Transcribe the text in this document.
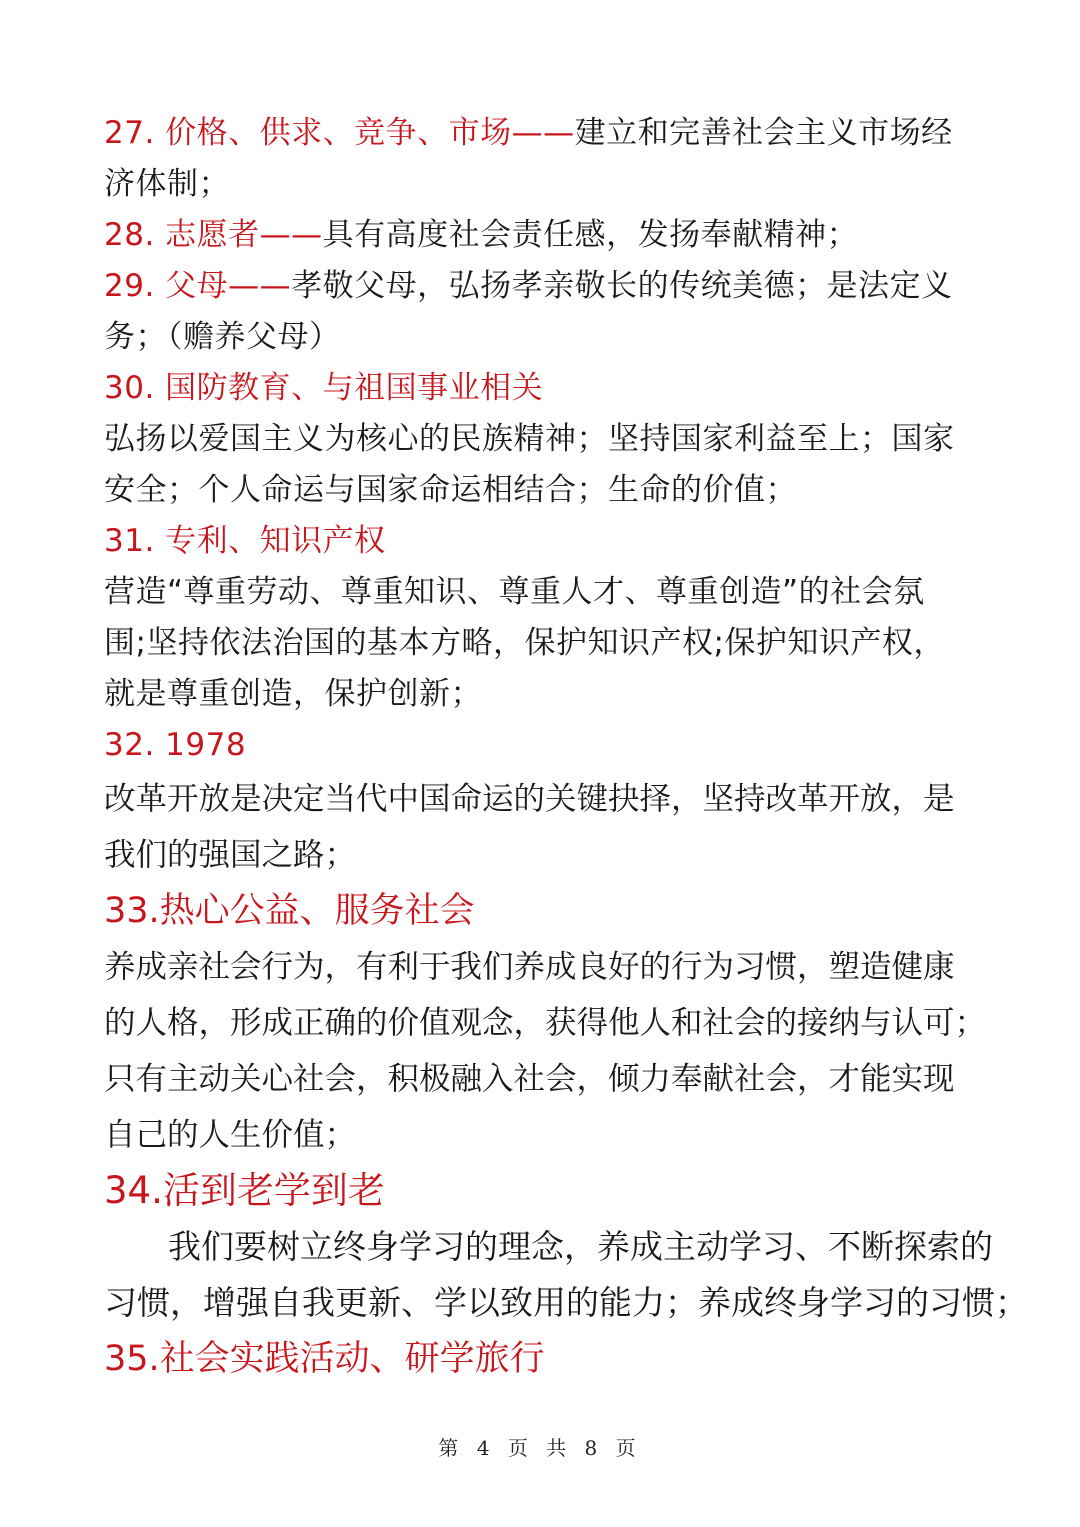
27. 价格、供求、竞争、市场——建立和完善社会主义市场经

济体制；

28. 志愿者——具有高度社会责任感，发扬奉献精神；

29. 父母——孝敬父母，弘扬孝亲敬长的传统美德；是法定义

务；（赡养父母）

30. 国防教育、与祖国事业相关

弘扬以爱国主义为核心的民族精神；坚持国家利益至上；国家

安全；个人命运与国家命运相结合；生命的价值；

31. 专利、知识产权

营造“尊重劳动、尊重知识、尊重人才、尊重创造”的社会氛

围;坚持依法治国的基本方略，保护知识产权;保护知识产权，

就是尊重创造，保护创新；

32. 1978

改革开放是决定当代中国命运的关键抉择，坚持改革开放，是

我们的强国之路；

33.热心公益、服务社会

养成亲社会行为，有利于我们养成良好的行为习惯，塑造健康

的人格，形成正确的价值观念，获得他人和社会的接纳与认可；

只有主动关心社会，积极融入社会，倾力奉献社会，才能实现

自己的人生价值；

34.活到老学到老

我们要树立终身学习的理念，养成主动学习、不断探索的

习惯，增强自我更新、学以致用的能力；养成终身学习的习惯；

35.社会实践活动、研学旅行

第 4 页 共 8 页
